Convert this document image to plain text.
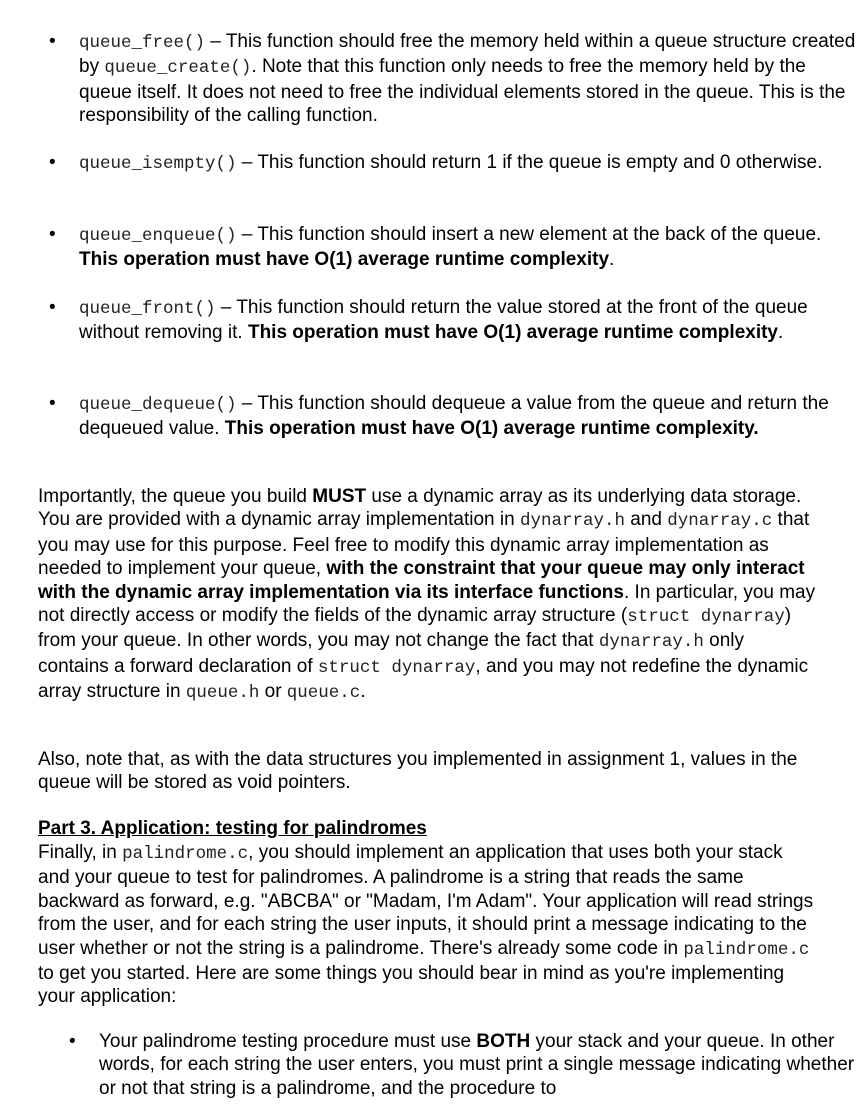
• queue_free() – This function should free the memory held within a queue structure created by queue_create(). Note that this function only needs to free the memory held by the queue itself. It does not need to free the individual elements stored in the queue. This is the responsibility of the calling function.
• queue_isempty() – This function should return 1 if the queue is empty and 0 otherwise.
• queue_enqueue() – This function should insert a new element at the back of the queue. This operation must have O(1) average runtime complexity.
• queue_front() – This function should return the value stored at the front of the queue without removing it. This operation must have O(1) average runtime complexity.
• queue_dequeue() – This function should dequeue a value from the queue and return the dequeued value. This operation must have O(1) average runtime complexity.
Importantly, the queue you build MUST use a dynamic array as its underlying data storage. You are provided with a dynamic array implementation in dynarray.h and dynarray.c that you may use for this purpose. Feel free to modify this dynamic array implementation as needed to implement your queue, with the constraint that your queue may only interact with the dynamic array implementation via its interface functions. In particular, you may not directly access or modify the fields of the dynamic array structure (struct dynarray) from your queue. In other words, you may not change the fact that dynarray.h only contains a forward declaration of struct dynarray, and you may not redefine the dynamic array structure in queue.h or queue.c.
Also, note that, as with the data structures you implemented in assignment 1, values in the queue will be stored as void pointers.
Part 3. Application: testing for palindromes
Finally, in palindrome.c, you should implement an application that uses both your stack and your queue to test for palindromes. A palindrome is a string that reads the same backward as forward, e.g. "ABCBA" or "Madam, I'm Adam". Your application will read strings from the user, and for each string the user inputs, it should print a message indicating to the user whether or not the string is a palindrome. There's already some code in palindrome.c to get you started. Here are some things you should bear in mind as you're implementing your application:
• Your palindrome testing procedure must use BOTH your stack and your queue. In other words, for each string the user enters, you must print a single message indicating whether or not that string is a palindrome, and the procedure to
